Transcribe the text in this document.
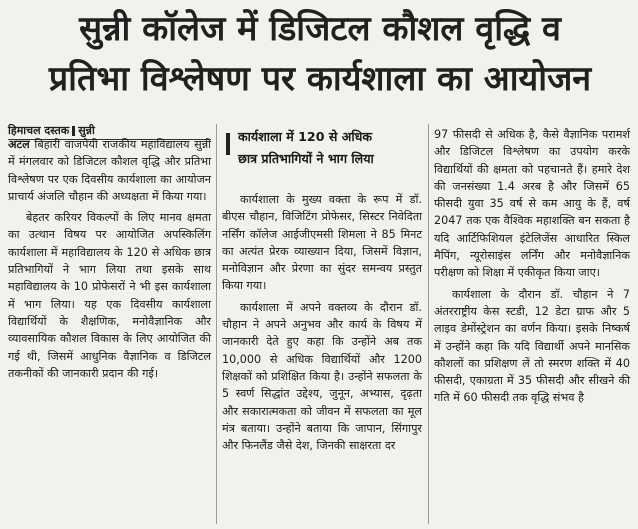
सुन्नी कॉलेज में डिजिटल कौशल वृद्धि व
प्रतिभा विश्लेषण पर कार्यशाला का आयोजन
हिमाचल दस्तक सुन्नी	कार्यशाला में 120 से अधिक
छात्र प्रतिभागियों ने भाग लिया

अटल बिहारी वाजपेयी राजकीय महाविद्यालय सुन्नी में मंगलवार को डिजिटल कौशल वृद्धि और प्रतिभा विश्लेषण पर एक दिवसीय कार्यशाला का आयोजन प्राचार्य अंजलि चौहान की अध्यक्षता में किया गया।

बेहतर करियर विकल्पों के लिए मानव क्षमता का उत्थान विषय पर आयोजित अपस्किलिंग कार्यशाला में महाविद्यालय के 120 से अधिक छात्र प्रतिभागियों ने भाग लिया तथा इसके साथ महाविद्यालय के 10 प्रोफेसरों ने भी इस कार्यशाला में भाग लिया। यह एक दिवसीय कार्यशाला विद्यार्थियों के शैक्षणिक, मनोवैज्ञानिक और व्यावसायिक कौशल विकास के लिए आयोजित की गई थी, जिसमें आधुनिक वैज्ञानिक व डिजिटल तकनीकों की जानकारी प्रदान की गई।

कार्यशाला के मुख्य वक्ता के रूप में डॉ. बीएस चौहान, विजिटिंग प्रोफेसर, सिस्टर निवेदिता नर्सिंग कॉलेज आईजीएमसी शिमला ने 85 मिनट का अत्यंत प्रेरक व्याख्यान दिया, जिसमें विज्ञान, मनोविज्ञान और प्रेरणा का सुंदर समन्वय प्रस्तुत किया गया।

कार्यशाला में अपने वक्तव्य के दौरान डॉ. चौहान ने अपने अनुभव और कार्य के विषय में जानकारी देते हुए कहा कि उन्होंने अब तक 10,000 से अधिक विद्यार्थियों और 1200 शिक्षकों को प्रशिक्षित किया है। उन्होंने सफलता के 5 स्वर्ण सिद्धांत उद्देश्य, जुनून, अभ्यास, दृढ़ता और सकारात्मकता को जीवन में सफलता का मूल मंत्र बताया। उन्होंने बताया कि जापान, सिंगापुर और फिनलैंड जैसे देश, जिनकी साक्षरता दर

97 फीसदी से अधिक है, कैसे वैज्ञानिक परामर्श और डिजिटल विश्लेषण का उपयोग करके विद्यार्थियों की क्षमता को पहचानते हैं। हमारे देश की जनसंख्या 1.4 अरब है और जिसमें 65 फीसदी युवा 35 वर्ष से कम आयु के हैं, वर्ष 2047 तक एक वैश्विक महाशक्ति बन सकता है यदि आर्टिफिशियल इंटेलिजेंस आधारित स्किल मैपिंग, न्यूरोसाइंस लर्निंग और मनोवैज्ञानिक परीक्षण को शिक्षा में एकीकृत किया जाए।

कार्यशाला के दौरान डॉ. चौहान ने 7 अंतरराष्ट्रीय केस स्टडी, 12 डेटा ग्राफ और 5 लाइव डेमोंस्ट्रेशन का वर्णन किया। इसके निष्कर्ष में उन्होंने कहा कि यदि विद्यार्थी अपने मानसिक कौशलों का प्रशिक्षण लें तो स्मरण शक्ति में 40 फीसदी, एकाग्रता में 35 फीसदी और सीखने की गति में 60 फीसदी तक वृद्धि संभव है
